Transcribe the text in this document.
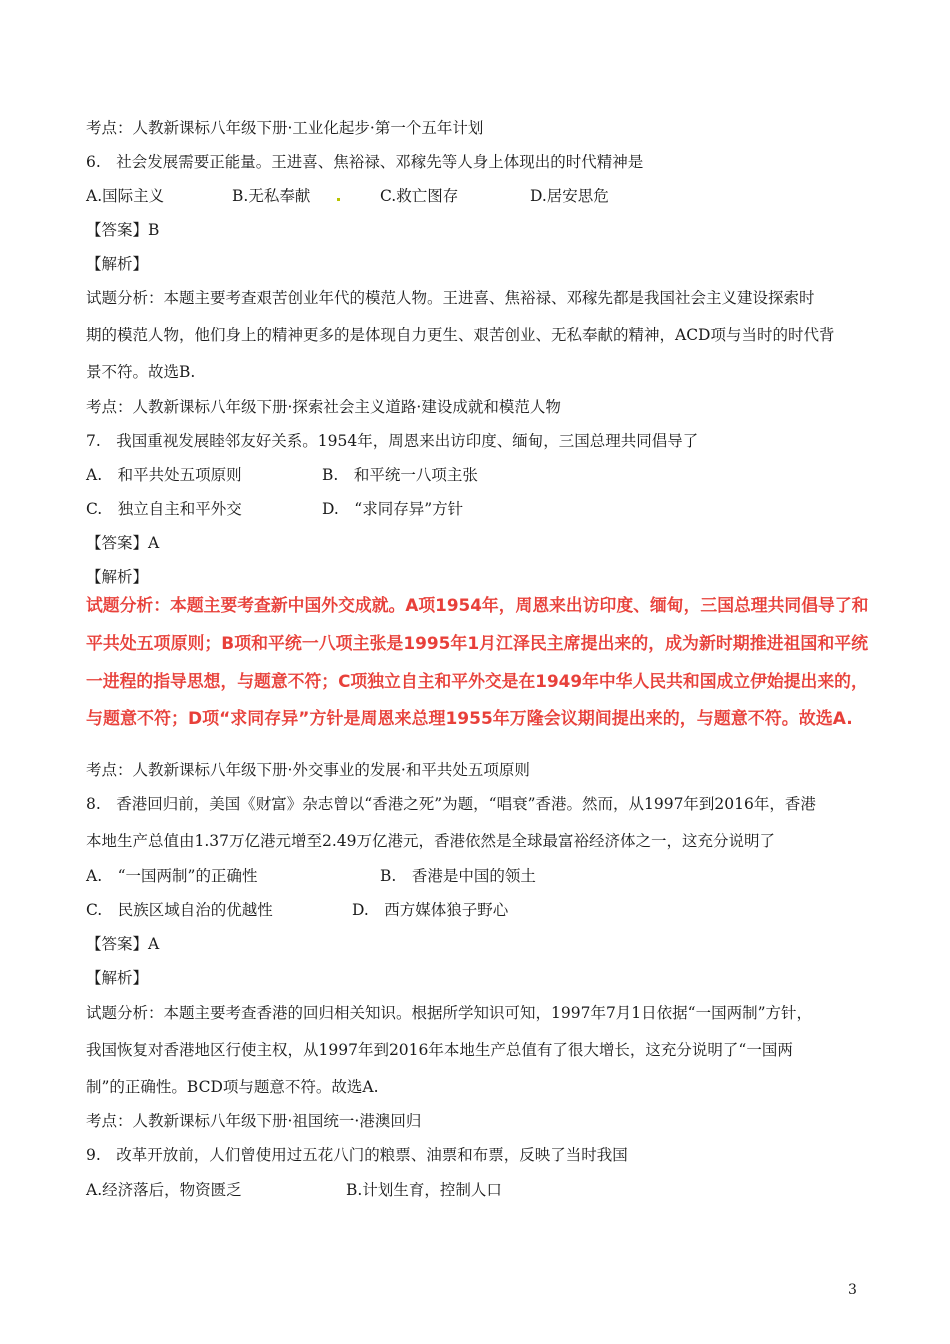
考点：人教新课标八年级下册·工业化起步·第一个五年计划
6.　社会发展需要正能量。王进喜、焦裕禄、邓稼先等人身上体现出的时代精神是
A.国际主义	B.无私奉献	C.救亡图存	D.居安思危
【答案】B
【解析】
试题分析：本题主要考查艰苦创业年代的模范人物。王进喜、焦裕禄、邓稼先都是我国社会主义建设探索时
期的模范人物，他们身上的精神更多的是体现自力更生、艰苦创业、无私奉献的精神，ACD项与当时的时代背
景不符。故选B.
考点：人教新课标八年级下册·探索社会主义道路·建设成就和模范人物
7.　我国重视发展睦邻友好关系。1954年，周恩来出访印度、缅甸，三国总理共同倡导了
A.　和平共处五项原则	B.　和平统一八项主张
C.　独立自主和平外交	D.　“求同存异”方针
【答案】A
【解析】
试题分析：本题主要考查新中国外交成就。A项1954年，周恩来出访印度、缅甸，三国总理共同倡导了和
平共处五项原则；B项和平统一八项主张是1995年1月江泽民主席提出来的，成为新时期推进祖国和平统
一进程的指导思想，与题意不符；C项独立自主和平外交是在1949年中华人民共和国成立伊始提出来的，
与题意不符；D项“求同存异”方针是周恩来总理1955年万隆会议期间提出来的，与题意不符。故选A.
考点：人教新课标八年级下册·外交事业的发展·和平共处五项原则
8.　香港回归前，美国《财富》杂志曾以“香港之死”为题，“唱衰”香港。然而，从1997年到2016年，香港
本地生产总值由1.37万亿港元增至2.49万亿港元，香港依然是全球最富裕经济体之一，这充分说明了
A.　“一国两制”的正确性	B.　香港是中国的领土
C.　民族区域自治的优越性	D.　西方媒体狼子野心
【答案】A
【解析】
试题分析：本题主要考查香港的回归相关知识。根据所学知识可知，1997年7月1日依据“一国两制”方针，
我国恢复对香港地区行使主权，从1997年到2016年本地生产总值有了很大增长，这充分说明了“一国两
制”的正确性。BCD项与题意不符。故选A.
考点：人教新课标八年级下册·祖国统一·港澳回归
9.　改革开放前，人们曾使用过五花八门的粮票、油票和布票，反映了当时我国
A.经济落后，物资匮乏	B.计划生育，控制人口
3
